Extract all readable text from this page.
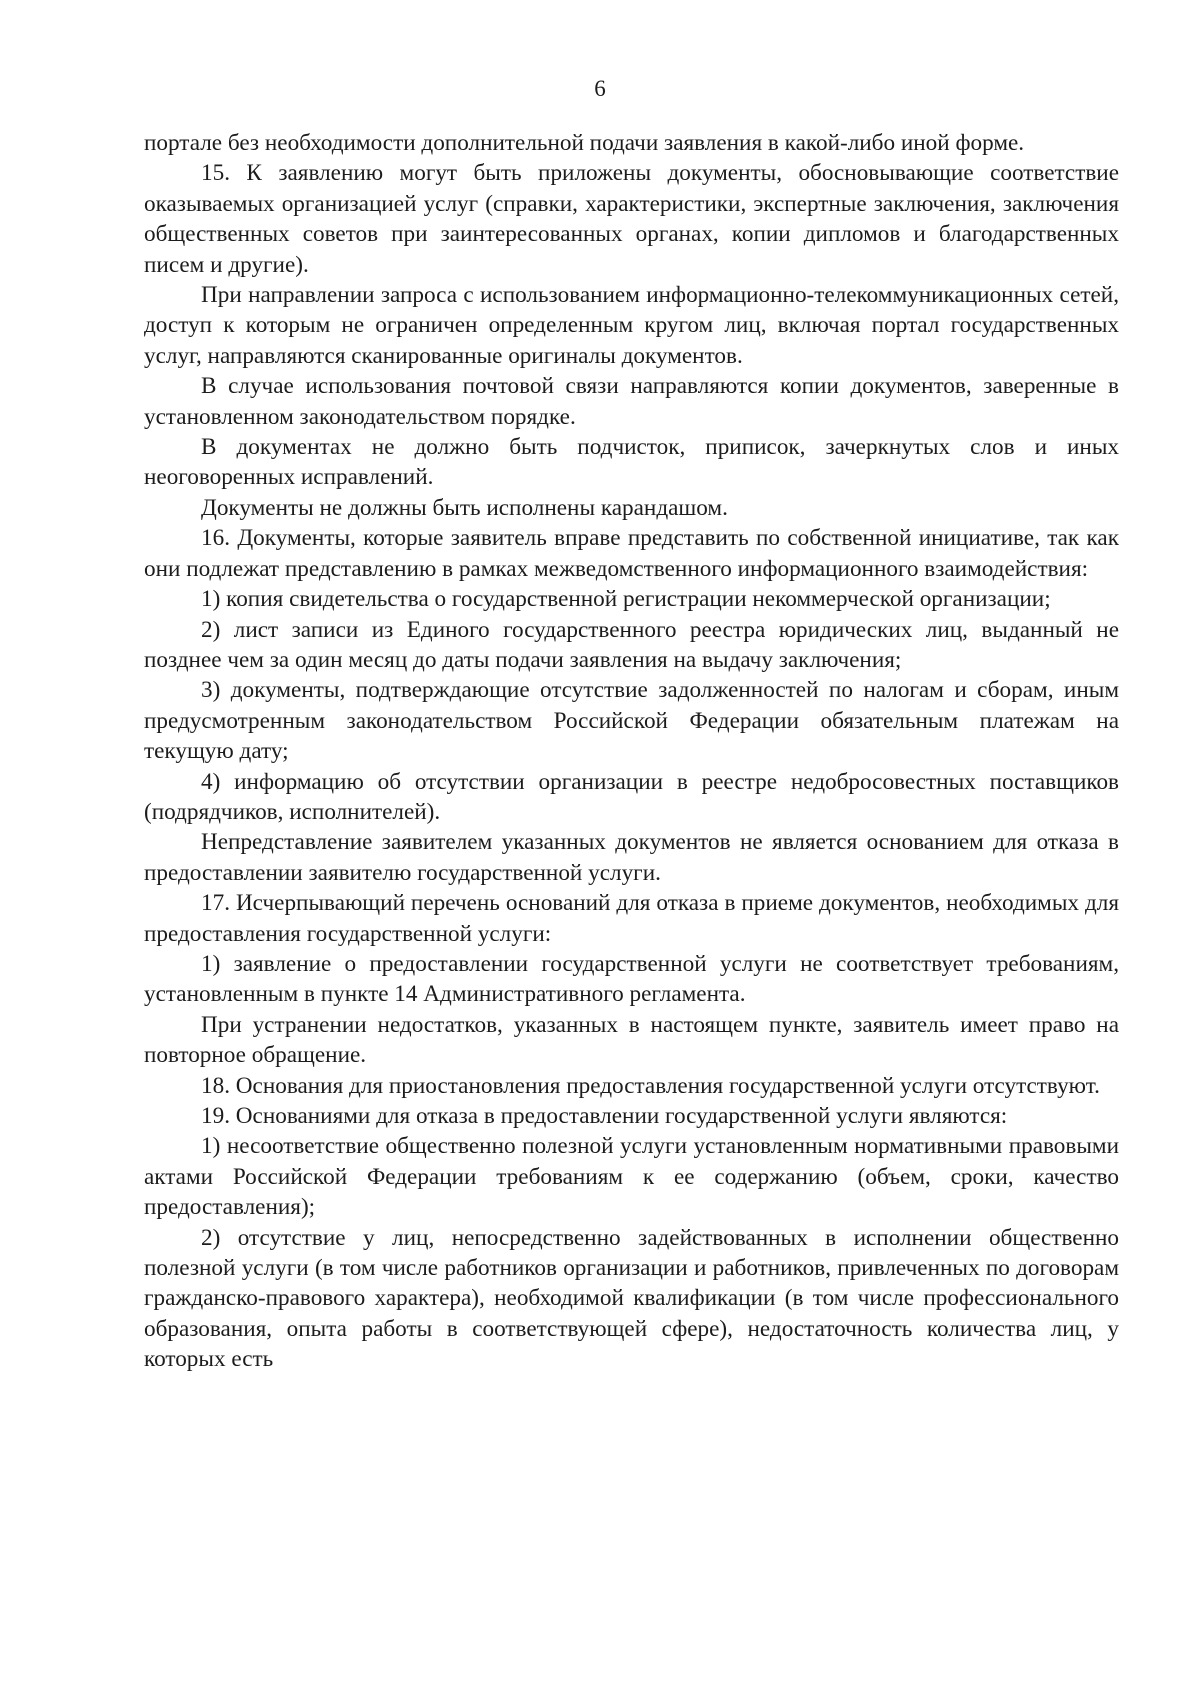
6

портале без необходимости дополнительной подачи заявления в какой-либо иной форме.

15. К заявлению могут быть приложены документы, обосновывающие соответствие оказываемых организацией услуг (справки, характеристики, экспертные заключения, заключения общественных советов при заинтересованных органах, копии дипломов и благодарственных писем и другие).

При направлении запроса с использованием информационно-телекоммуникационных сетей, доступ к которым не ограничен определенным кругом лиц, включая портал государственных услуг, направляются сканированные оригиналы документов.

В случае использования почтовой связи направляются копии документов, заверенные в установленном законодательством порядке.

В документах не должно быть подчисток, приписок, зачеркнутых слов и иных неоговоренных исправлений.

Документы не должны быть исполнены карандашом.

16. Документы, которые заявитель вправе представить по собственной инициативе, так как они подлежат представлению в рамках межведомственного информационного взаимодействия:

1) копия свидетельства о государственной регистрации некоммерческой организации;

2) лист записи из Единого государственного реестра юридических лиц, выданный не позднее чем за один месяц до даты подачи заявления на выдачу заключения;

3) документы, подтверждающие отсутствие задолженностей по налогам и сборам, иным предусмотренным законодательством Российской Федерации обязательным платежам на текущую дату;

4) информацию об отсутствии организации в реестре недобросовестных поставщиков (подрядчиков, исполнителей).

Непредставление заявителем указанных документов не является основанием для отказа в предоставлении заявителю государственной услуги.

17. Исчерпывающий перечень оснований для отказа в приеме документов, необходимых для предоставления государственной услуги:

1) заявление о предоставлении государственной услуги не соответствует требованиям, установленным в пункте 14 Административного регламента.

При устранении недостатков, указанных в настоящем пункте, заявитель имеет право на повторное обращение.

18. Основания для приостановления предоставления государственной услуги отсутствуют.

19. Основаниями для отказа в предоставлении государственной услуги являются:

1) несоответствие общественно полезной услуги установленным нормативными правовыми актами Российской Федерации требованиям к ее содержанию (объем, сроки, качество предоставления);

2) отсутствие у лиц, непосредственно задействованных в исполнении общественно полезной услуги (в том числе работников организации и работников, привлеченных по договорам гражданско-правового характера), необходимой квалификации (в том числе профессионального образования, опыта работы в соответствующей сфере), недостаточность количества лиц, у которых есть
